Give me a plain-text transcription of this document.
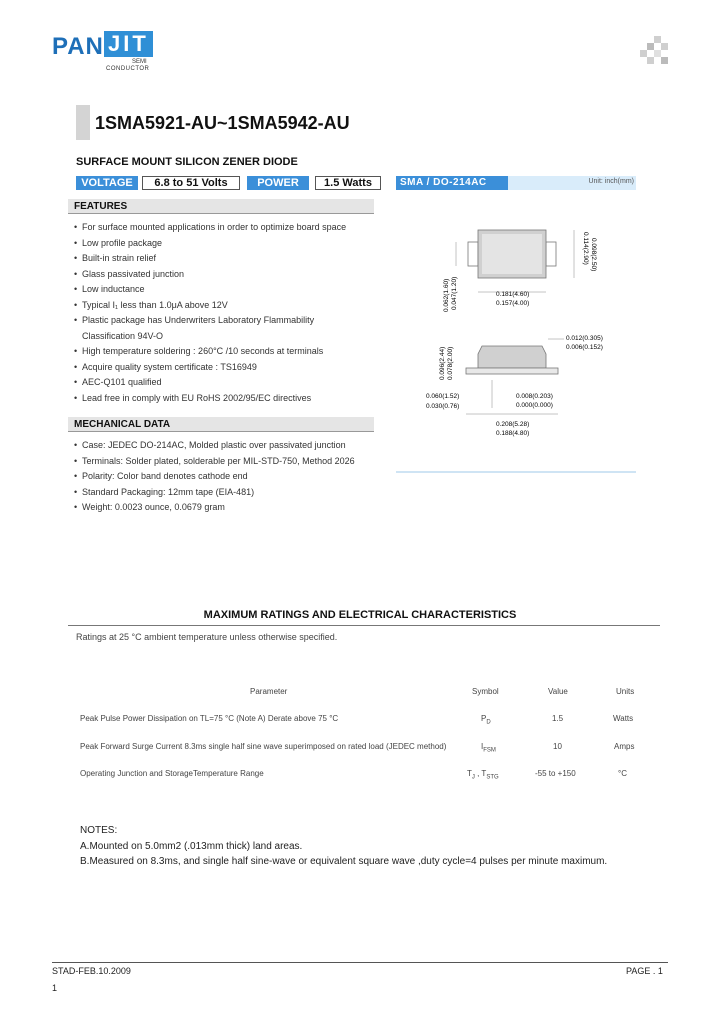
PAN JIT
SEMI
CONDUCTOR
1SMA5921-AU~1SMA5942-AU
SURFACE MOUNT SILICON ZENER DIODE
VOLTAGE	6.8 to 51 Volts	POWER	1.5 Watts	SMA / DO-214AC	Unit: inch(mm)
FEATURES
• For surface mounted applications in order to optimize board space
• Low profile package
• Built-in strain relief
• Glass passivated junction
• Low inductance
• Typical I₁ less than 1.0μA above 12V
• Plastic package has Underwriters Laboratory Flammability
Classification 94V-O
• High temperature soldering : 260°C /10 seconds at terminals
• Acquire quality system certificate : TS16949
• AEC-Q101 qualified
• Lead free in comply with EU RoHS 2002/95/EC directives
MECHANICAL DATA
• Case: JEDEC DO-214AC, Molded plastic over passivated junction
• Terminals: Solder plated, solderable per MIL-STD-750, Method 2026
• Polarity: Color band denotes cathode end
• Standard Packaging: 12mm tape (EIA-481)
• Weight: 0.0023 ounce, 0.0679 gram
0.114(2.90) 0.098(2.50)
0.062(1.60) 0.047(1.20)	0.181(4.60)
0.157(4.00)
0.012(0.305)
0.006(0.152)
0.096(2.44) 0.078(2.00)
0.008(0.203)
0.000(0.000)
0.060(1.52)
0.030(0.76)
0.208(5.28)
0.188(4.80)
MAXIMUM RATINGS AND ELECTRICAL CHARACTERISTICS
Ratings at 25 °C ambient temperature unless otherwise specified.
Parameter	Symbol	Value	Units
Peak Pulse Power Dissipation on TL=75 °C (Note A) Derate above 75 °C	$P_D$	1.5	Watts
Peak Forward Surge Current 8.3ms single half sine wave superimposed on rated load (JEDEC method)	$I_{FSM}$	10	Amps
Operating Junction and StorageTemperature Range	$T_J$ , $T_{STG}$	-55 to +150	°C
NOTES:
A.Mounted on 5.0mm2 (.013mm thick) land areas.
B.Measured on 8.3ms, and single half sine-wave or equivalent square wave ,duty cycle=4 pulses per minute maximum.
STAD-FEB.10.2009	PAGE . 1
1
